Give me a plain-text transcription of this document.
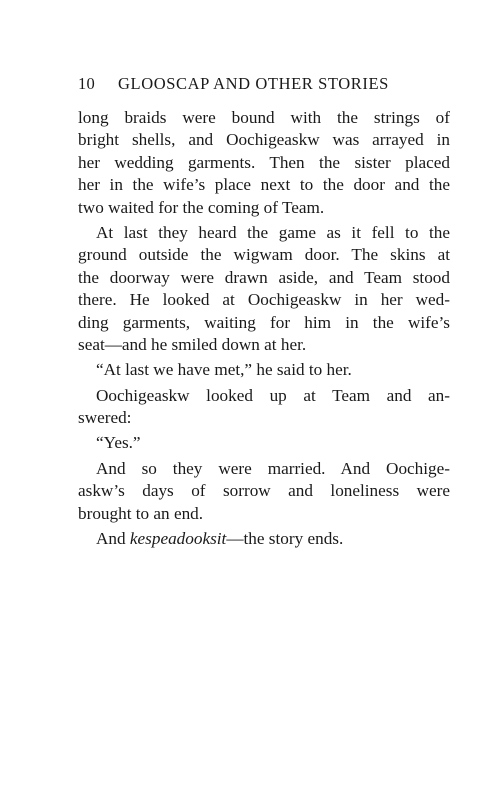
10 GLOOSCAP AND OTHER STORIES
long braids were bound with the strings of
bright shells, and Oochigeaskw was arrayed in
her wedding garments. Then the sister placed
her in the wife’s place next to the door and the
two waited for the coming of Team.
At last they heard the game as it fell to the
ground outside the wigwam door. The skins at
the doorway were drawn aside, and Team stood
there. He looked at Oochigeaskw in her wed-
ding garments, waiting for him in the wife’s
seat—and he smiled down at her.
“At last we have met,” he said to her.
Oochigeaskw looked up at Team and an-
swered:
“Yes.”
And so they were married. And Oochige-
askw’s days of sorrow and loneliness were
brought to an end.
And kespeadooksit—the story ends.
